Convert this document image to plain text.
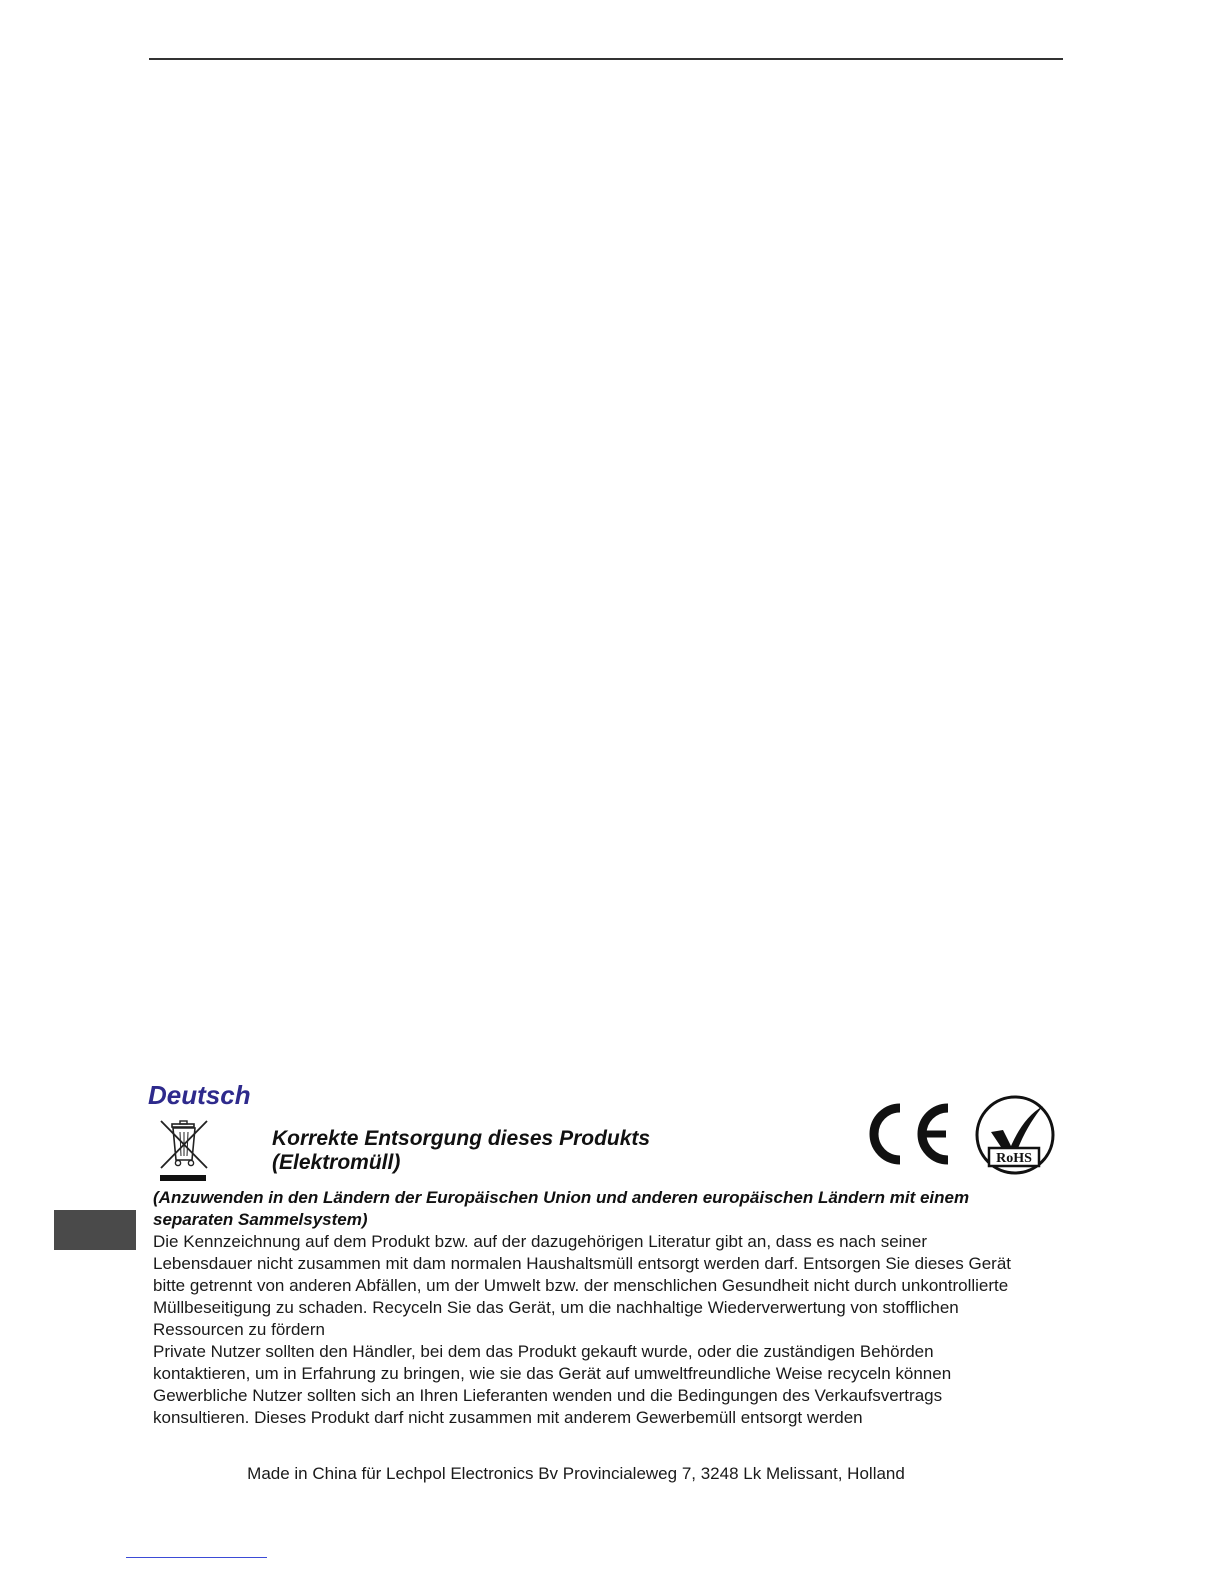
Deutsch
Korrekte Entsorgung dieses Produkts
(Elektromüll)	RoHS

(Anzuwenden in den Ländern der Europäischen Union und anderen europäischen Ländern mit einem separaten Sammelsystem)

Die Kennzeichnung auf dem Produkt bzw. auf der dazugehörigen Literatur gibt an, dass es nach seiner Lebensdauer nicht zusammen mit dam normalen Haushaltsmüll entsorgt werden darf. Entsorgen Sie dieses Gerät bitte getrennt von anderen Abfällen, um der Umwelt bzw. der menschlichen Gesundheit nicht durch unkontrollierte Müllbeseitigung zu schaden. Recyceln Sie das Gerät, um die nachhaltige Wiederverwertung von stofflichen Ressourcen zu fördern

Private Nutzer sollten den Händler, bei dem das Produkt gekauft wurde, oder die zuständigen Behörden kontaktieren, um in Erfahrung zu bringen, wie sie das Gerät auf umweltfreundliche Weise recyceln können

Gewerbliche Nutzer sollten sich an Ihren Lieferanten wenden und die Bedingungen des Verkaufsvertrags konsultieren. Dieses Produkt darf nicht zusammen mit anderem Gewerbemüll entsorgt werden

Made in China für Lechpol Electronics Bv Provincialeweg 7, 3248 Lk Melissant, Holland
